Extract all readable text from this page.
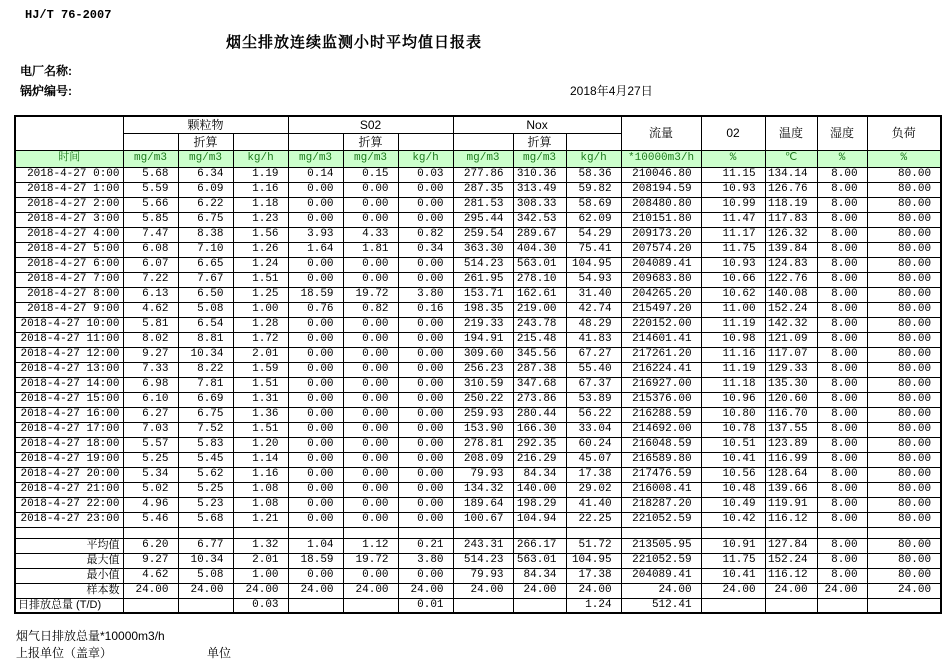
HJ/T 76-2007
烟尘排放连续监测小时平均值日报表
电厂名称:
锅炉编号:	2018年4月27日
	颗粒物			S02			Nox			流量	02	温度	湿度	负荷
		折算			折算			折算						
时间	mg/m3	mg/m3	kg/h	mg/m3	mg/m3	kg/h	mg/m3	mg/m3	kg/h	*10000m3/h	%	℃	%	%
2018-4-27 0:00	5.68	6.34	1.19	0.14	0.15	0.03	277.86	310.36	58.36	210046.80	11.15	134.14	8.00	80.00
2018-4-27 1:00	5.59	6.09	1.16	0.00	0.00	0.00	287.35	313.49	59.82	208194.59	10.93	126.76	8.00	80.00
2018-4-27 2:00	5.66	6.22	1.18	0.00	0.00	0.00	281.53	308.33	58.69	208480.80	10.99	118.19	8.00	80.00
2018-4-27 3:00	5.85	6.75	1.23	0.00	0.00	0.00	295.44	342.53	62.09	210151.80	11.47	117.83	8.00	80.00
2018-4-27 4:00	7.47	8.38	1.56	3.93	4.33	0.82	259.54	289.67	54.29	209173.20	11.17	126.32	8.00	80.00
2018-4-27 5:00	6.08	7.10	1.26	1.64	1.81	0.34	363.30	404.30	75.41	207574.20	11.75	139.84	8.00	80.00
2018-4-27 6:00	6.07	6.65	1.24	0.00	0.00	0.00	514.23	563.01	104.95	204089.41	10.93	124.83	8.00	80.00
2018-4-27 7:00	7.22	7.67	1.51	0.00	0.00	0.00	261.95	278.10	54.93	209683.80	10.66	122.76	8.00	80.00
2018-4-27 8:00	6.13	6.50	1.25	18.59	19.72	3.80	153.71	162.61	31.40	204265.20	10.62	140.08	8.00	80.00
2018-4-27 9:00	4.62	5.08	1.00	0.76	0.82	0.16	198.35	219.00	42.74	215497.20	11.00	152.24	8.00	80.00
2018-4-27 10:00	5.81	6.54	1.28	0.00	0.00	0.00	219.33	243.78	48.29	220152.00	11.19	142.32	8.00	80.00
2018-4-27 11:00	8.02	8.81	1.72	0.00	0.00	0.00	194.91	215.48	41.83	214601.41	10.98	121.09	8.00	80.00
2018-4-27 12:00	9.27	10.34	2.01	0.00	0.00	0.00	309.60	345.56	67.27	217261.20	11.16	117.07	8.00	80.00
2018-4-27 13:00	7.33	8.22	1.59	0.00	0.00	0.00	256.23	287.38	55.40	216224.41	11.19	129.33	8.00	80.00
2018-4-27 14:00	6.98	7.81	1.51	0.00	0.00	0.00	310.59	347.68	67.37	216927.00	11.18	135.30	8.00	80.00
2018-4-27 15:00	6.10	6.69	1.31	0.00	0.00	0.00	250.22	273.86	53.89	215376.00	10.96	120.60	8.00	80.00
2018-4-27 16:00	6.27	6.75	1.36	0.00	0.00	0.00	259.93	280.44	56.22	216288.59	10.80	116.70	8.00	80.00
2018-4-27 17:00	7.03	7.52	1.51	0.00	0.00	0.00	153.90	166.30	33.04	214692.00	10.78	137.55	8.00	80.00
2018-4-27 18:00	5.57	5.83	1.20	0.00	0.00	0.00	278.81	292.35	60.24	216048.59	10.51	123.89	8.00	80.00
2018-4-27 19:00	5.25	5.45	1.14	0.00	0.00	0.00	208.09	216.29	45.07	216589.80	10.41	116.99	8.00	80.00
2018-4-27 20:00	5.34	5.62	1.16	0.00	0.00	0.00	79.93	84.34	17.38	217476.59	10.56	128.64	8.00	80.00
2018-4-27 21:00	5.02	5.25	1.08	0.00	0.00	0.00	134.32	140.00	29.02	216008.41	10.48	139.66	8.00	80.00
2018-4-27 22:00	4.96	5.23	1.08	0.00	0.00	0.00	189.64	198.29	41.40	218287.20	10.49	119.91	8.00	80.00
2018-4-27 23:00	5.46	5.68	1.21	0.00	0.00	0.00	100.67	104.94	22.25	221052.59	10.42	116.12	8.00	80.00

平均值	6.20	6.77	1.32	1.04	1.12	0.21	243.31	266.17	51.72	213505.95	10.91	127.84	8.00	80.00
最大值	9.27	10.34	2.01	18.59	19.72	3.80	514.23	563.01	104.95	221052.59	11.75	152.24	8.00	80.00
最小值	4.62	5.08	1.00	0.00	0.00	0.00	79.93	84.34	17.38	204089.41	10.41	116.12	8.00	80.00
样本数	24.00	24.00	24.00	24.00	24.00	24.00	24.00	24.00	24.00	24.00	24.00	24.00	24.00	24.00
日排放总量 (T/D)			0.03			0.01			1.24	512.41				
烟气日排放总量*10000m3/h
上报单位（盖章）	单位
